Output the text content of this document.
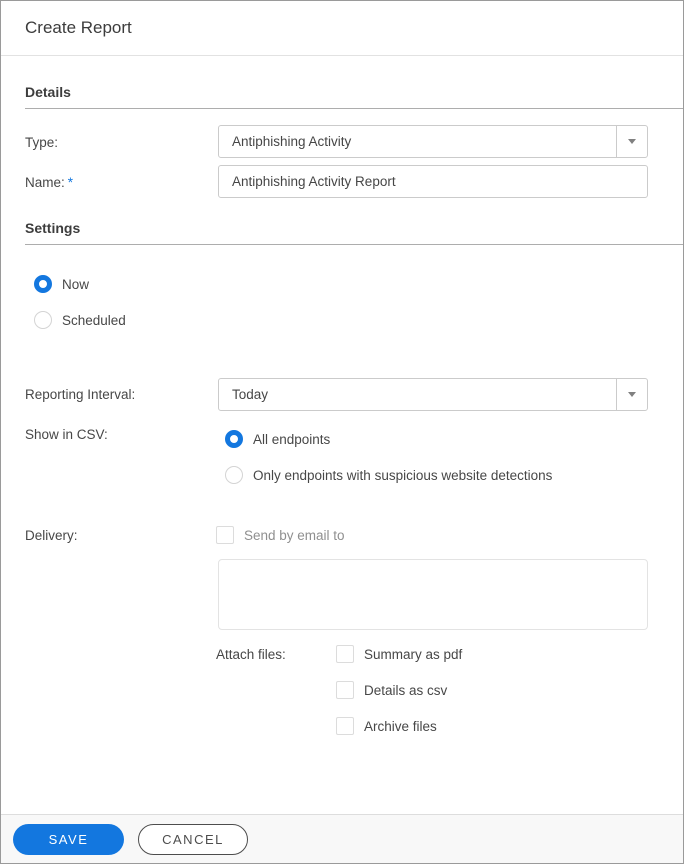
Create Report
Details
Type:	Antiphishing Activity
Name: *
Antiphishing Activity Report
Settings
Now
Scheduled
Reporting Interval:	Today
Show in CSV:	All endpoints
Only endpoints with suspicious website detections
Delivery:	Send by email to
Attach files:	Summary as pdf
Details as csv
Archive files
SAVE	CANCEL
